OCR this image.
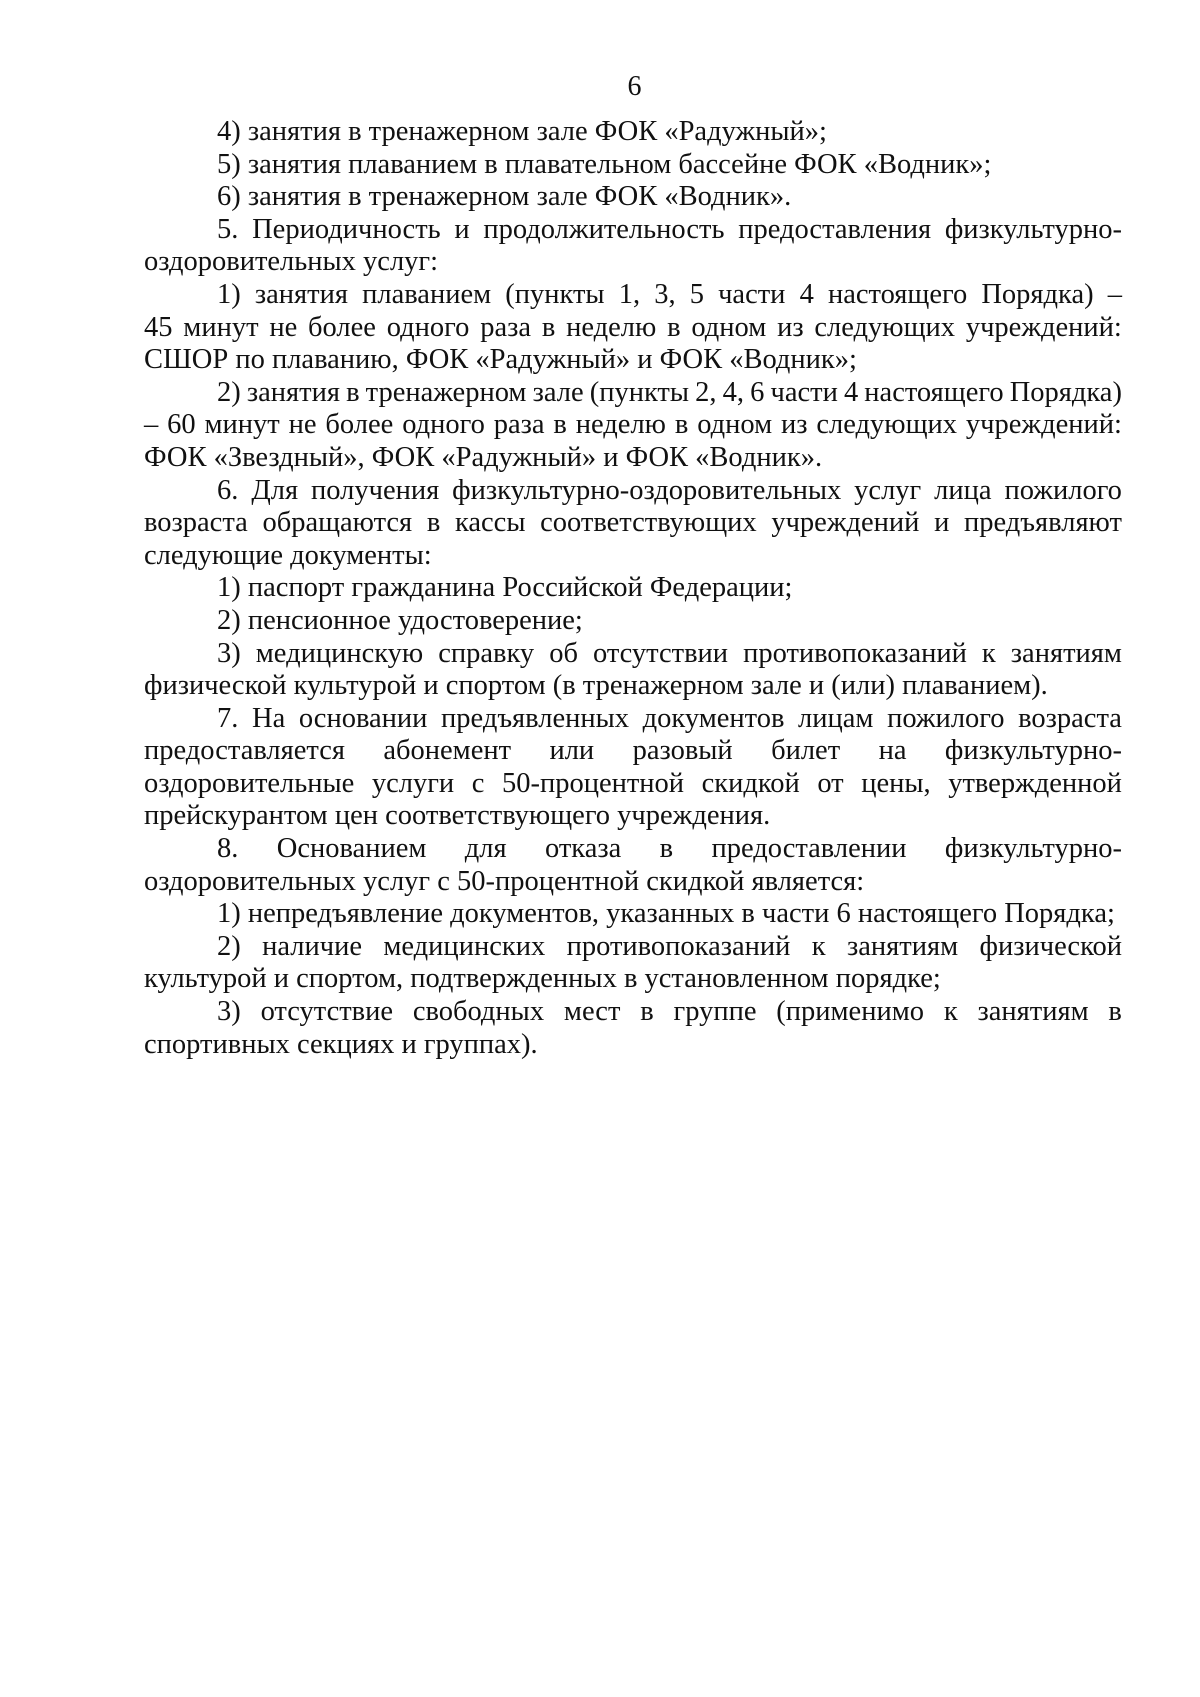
6
4) занятия в тренажерном зале ФОК «Радужный»;
5) занятия плаванием в плавательном бассейне ФОК «Водник»;
6) занятия в тренажерном зале ФОК «Водник».
5. Периодичность и продолжительность предоставления физкультурно-
оздоровительных услуг:
1) занятия плаванием (пункты 1, 3, 5 части 4 настоящего Порядка) –
45 минут не более одного раза в неделю в одном из следующих учреждений:
СШОР по плаванию, ФОК «Радужный» и ФОК «Водник»;
2) занятия в тренажерном зале (пункты 2, 4, 6 части 4 настоящего Порядка)
– 60 минут не более одного раза в неделю в одном из следующих учреждений:
ФОК «Звездный», ФОК «Радужный» и ФОК «Водник».
6. Для получения физкультурно-оздоровительных услуг лица пожилого
возраста обращаются в кассы соответствующих учреждений и предъявляют
следующие документы:
1) паспорт гражданина Российской Федерации;
2) пенсионное удостоверение;
3) медицинскую справку об отсутствии противопоказаний к занятиям
физической культурой и спортом (в тренажерном зале и (или) плаванием).
7. На основании предъявленных документов лицам пожилого возраста
предоставляется абонемент или разовый билет на физкультурно-
оздоровительные услуги с 50-процентной скидкой от цены, утвержденной
прейскурантом цен соответствующего учреждения.
8. Основанием для отказа в предоставлении физкультурно-
оздоровительных услуг с 50-процентной скидкой является:
1) непредъявление документов, указанных в части 6 настоящего Порядка;
2) наличие медицинских противопоказаний к занятиям физической
культурой и спортом, подтвержденных в установленном порядке;
3) отсутствие свободных мест в группе (применимо к занятиям в
спортивных секциях и группах).
